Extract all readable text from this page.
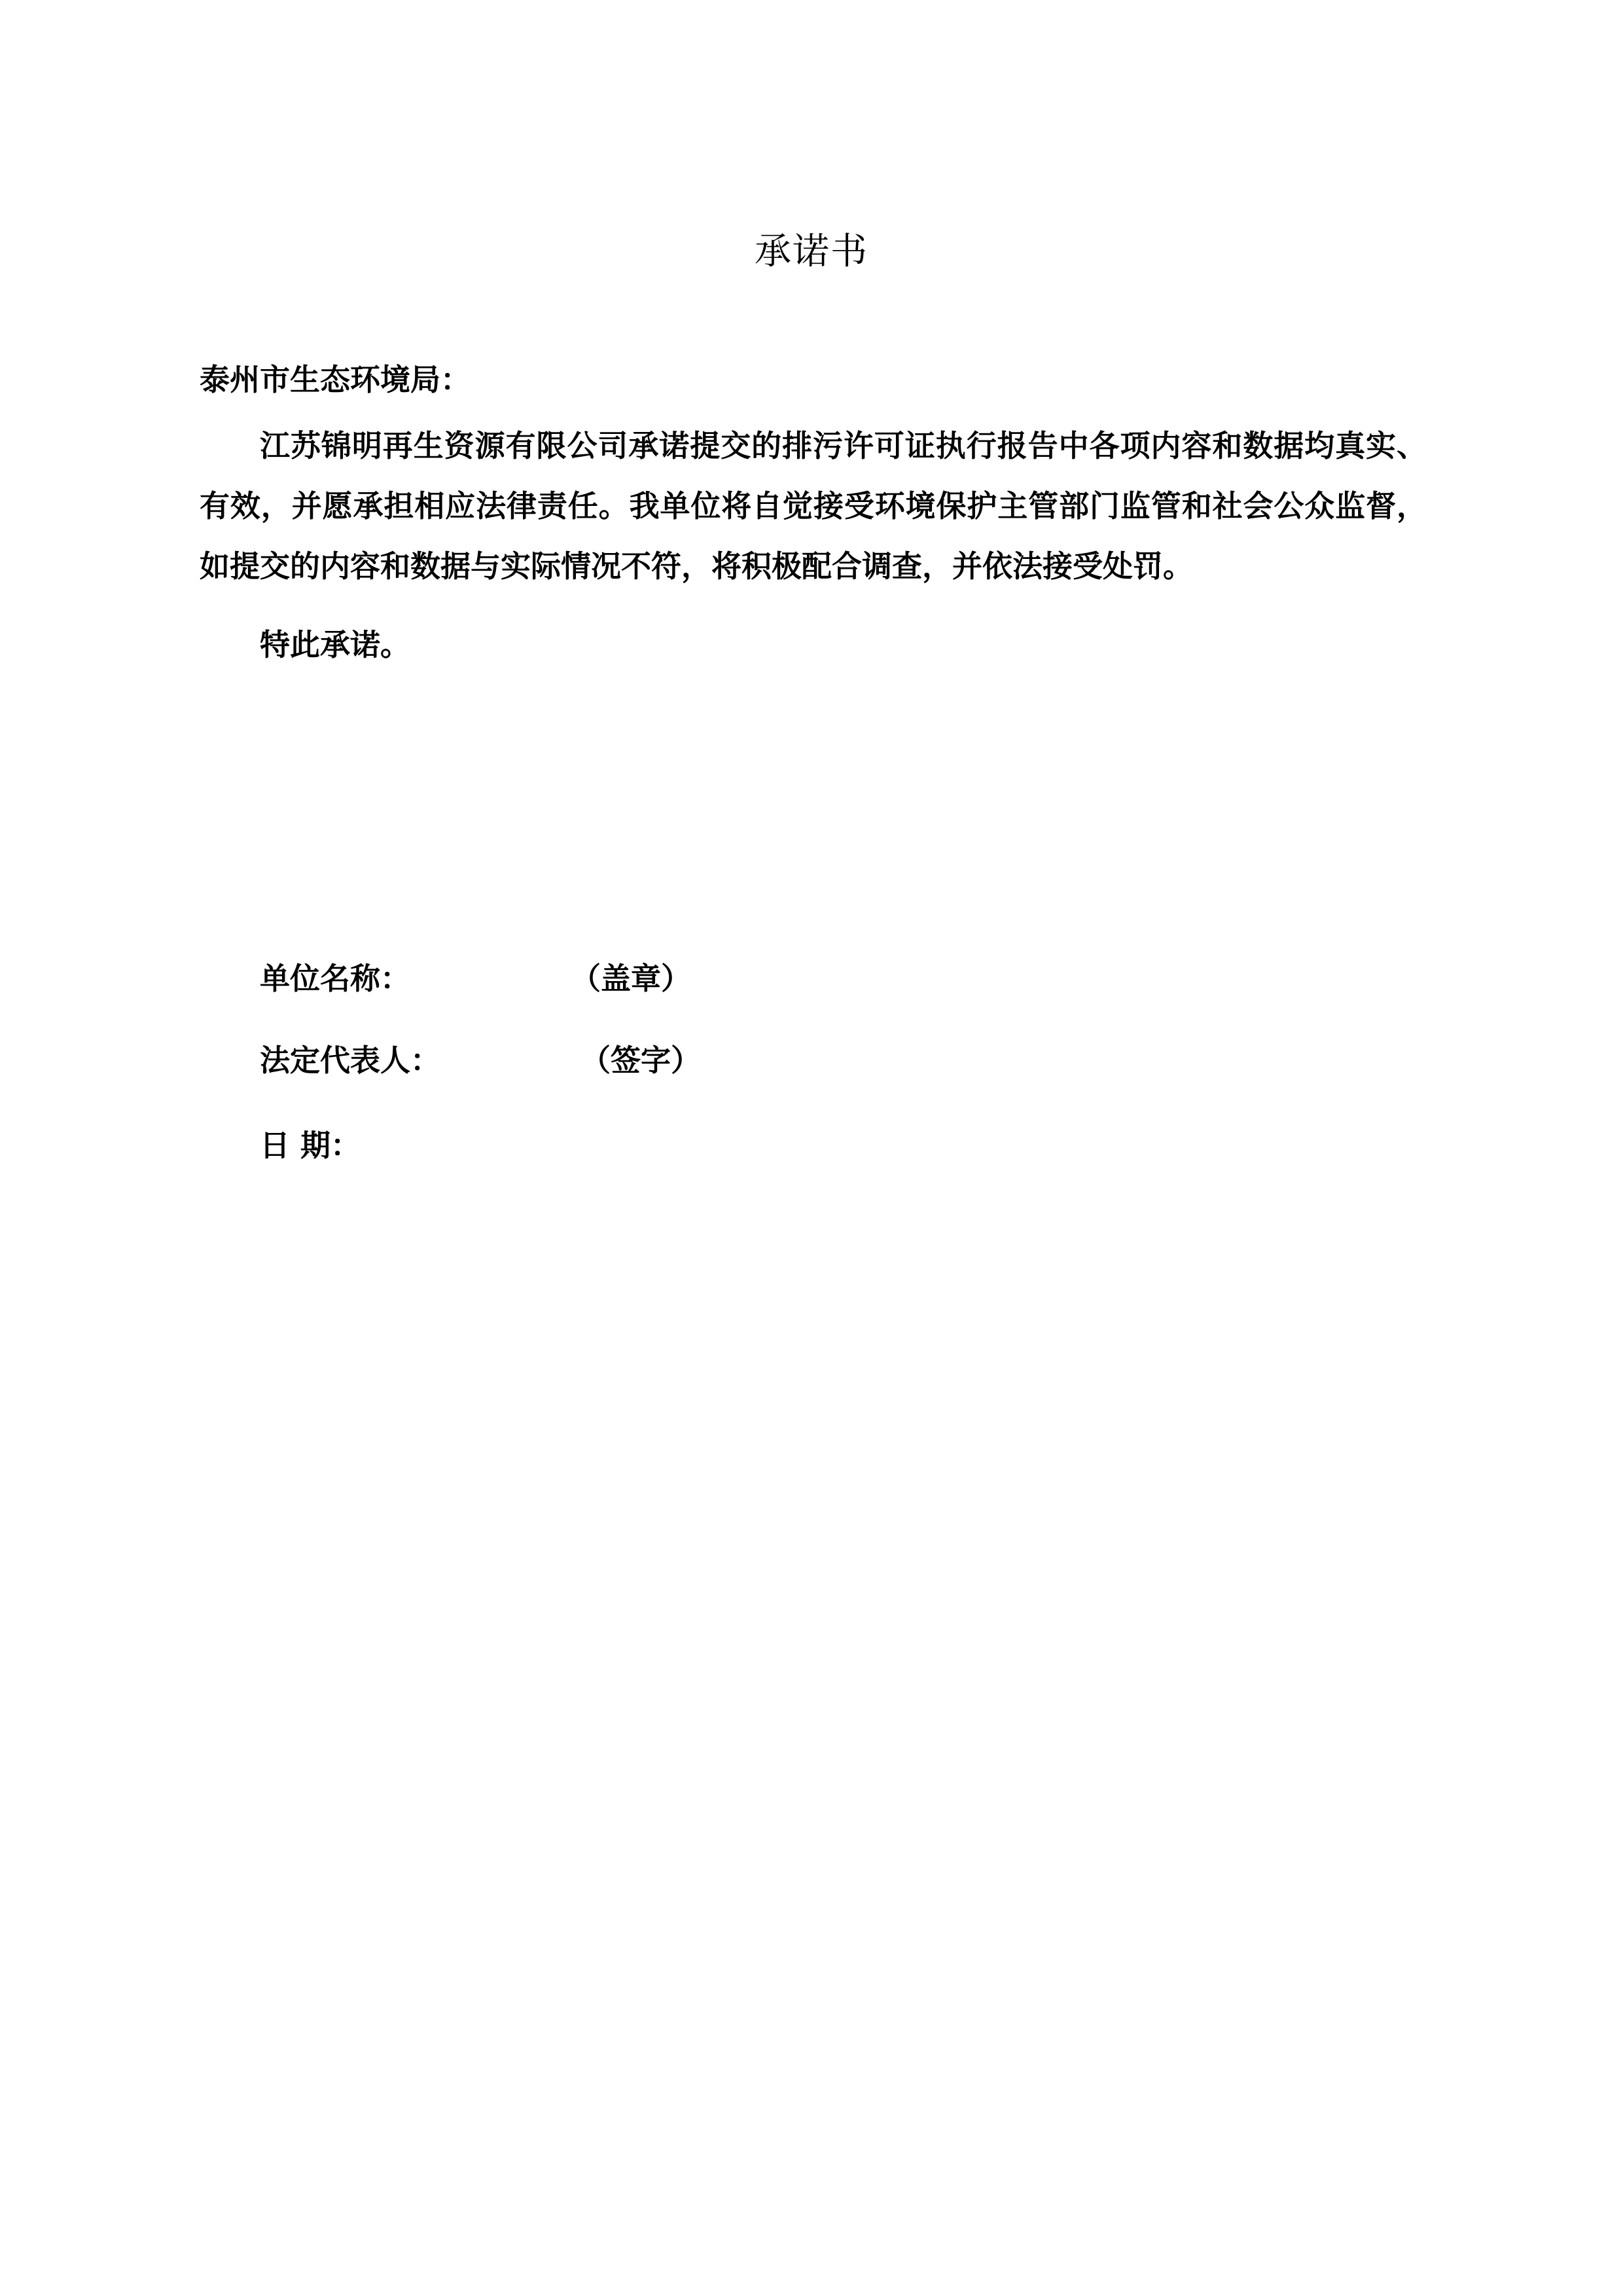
承诺书
泰州市生态环境局：
江苏锦明再生资源有限公司承诺提交的排污许可证执行报告中各项内容和数据均真实、有效，并愿承担相应法律责任。我单位将自觉接受环境保护主管部门监管和社会公众监督，如提交的内容和数据与实际情况不符，将积极配合调查，并依法接受处罚。
特此承诺。
单位名称：	（盖章）
法定代表人：	（签字）
日 期：
